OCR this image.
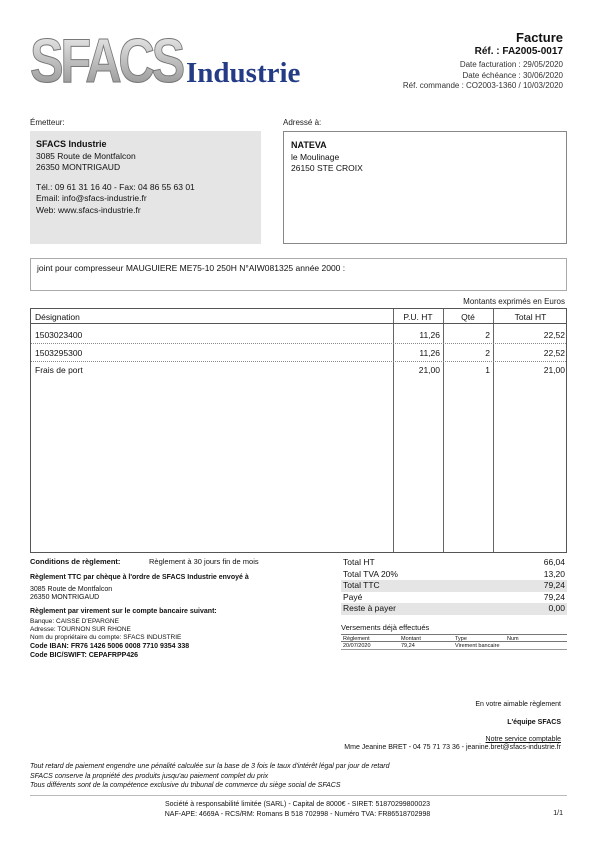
SFACS Industrie
Facture
Réf. : FA2005-0017
Date facturation : 29/05/2020
Date échéance : 30/06/2020
Réf. commande : CO2003-1360 / 10/03/2020
Émetteur:	Adressé à:
SFACS Industrie
3085 Route de Montfalcon
26350 MONTRIGAUD
Tél.: 09 61 31 16 40 - Fax: 04 86 55 63 01
Email: info@sfacs-industrie.fr
Web: www.sfacs-industrie.fr
NATEVA
le Moulinage
26150 STE CROIX
joint pour compresseur MAUGUIERE ME75-10 250H N°AIW081325 année 2000 :
Montants exprimés en Euros
Désignation	P.U. HT	Qté	Total HT
1503023400	11,26	2	22,52
1503295300	11,26	2	22,52
Frais de port	21,00	1	21,00
Conditions de règlement:	Règlement à 30 jours fin de mois
Règlement TTC par chèque à l'ordre de SFACS Industrie envoyé à
3085 Route de Montfalcon
26350 MONTRIGAUD
Règlement par virement sur le compte bancaire suivant:
Banque: CAISSE D'EPARGNE
Adresse: TOURNON SUR RHONE
Nom du propriétaire du compte: SFACS INDUSTRIE
Code IBAN: FR76 1426 5006 0008 7710 9354 338
Code BIC/SWIFT: CEPAFRPP426
Total HT	66,04
Total TVA 20%	13,20
Total TTC	79,24
Payé	79,24
Reste à payer	0,00
Versements déjà effectués
Règlement	Montant	Type	Num
20/07/2020	79,24	Virement bancaire
En votre aimable règlement
L'équipe SFACS
Notre service comptable
Mme Jeanine BRET - 04 75 71 73 36 - jeanine.bret@sfacs-industrie.fr
Tout retard de paiement engendre une pénalité calculée sur la base de 3 fois le taux d'intérêt légal par jour de retard
SFACS conserve la propriété des produits jusqu'au paiement complet du prix
Tous différents sont de la compétence exclusive du tribunal de commerce du siège social de SFACS
Société à responsabilité limitée (SARL) - Capital de 8000€ - SIRET: 51870299800023
NAF-APE: 4669A - RCS/RM: Romans B 518 702998 - Numéro TVA: FR86518702998	1/1
